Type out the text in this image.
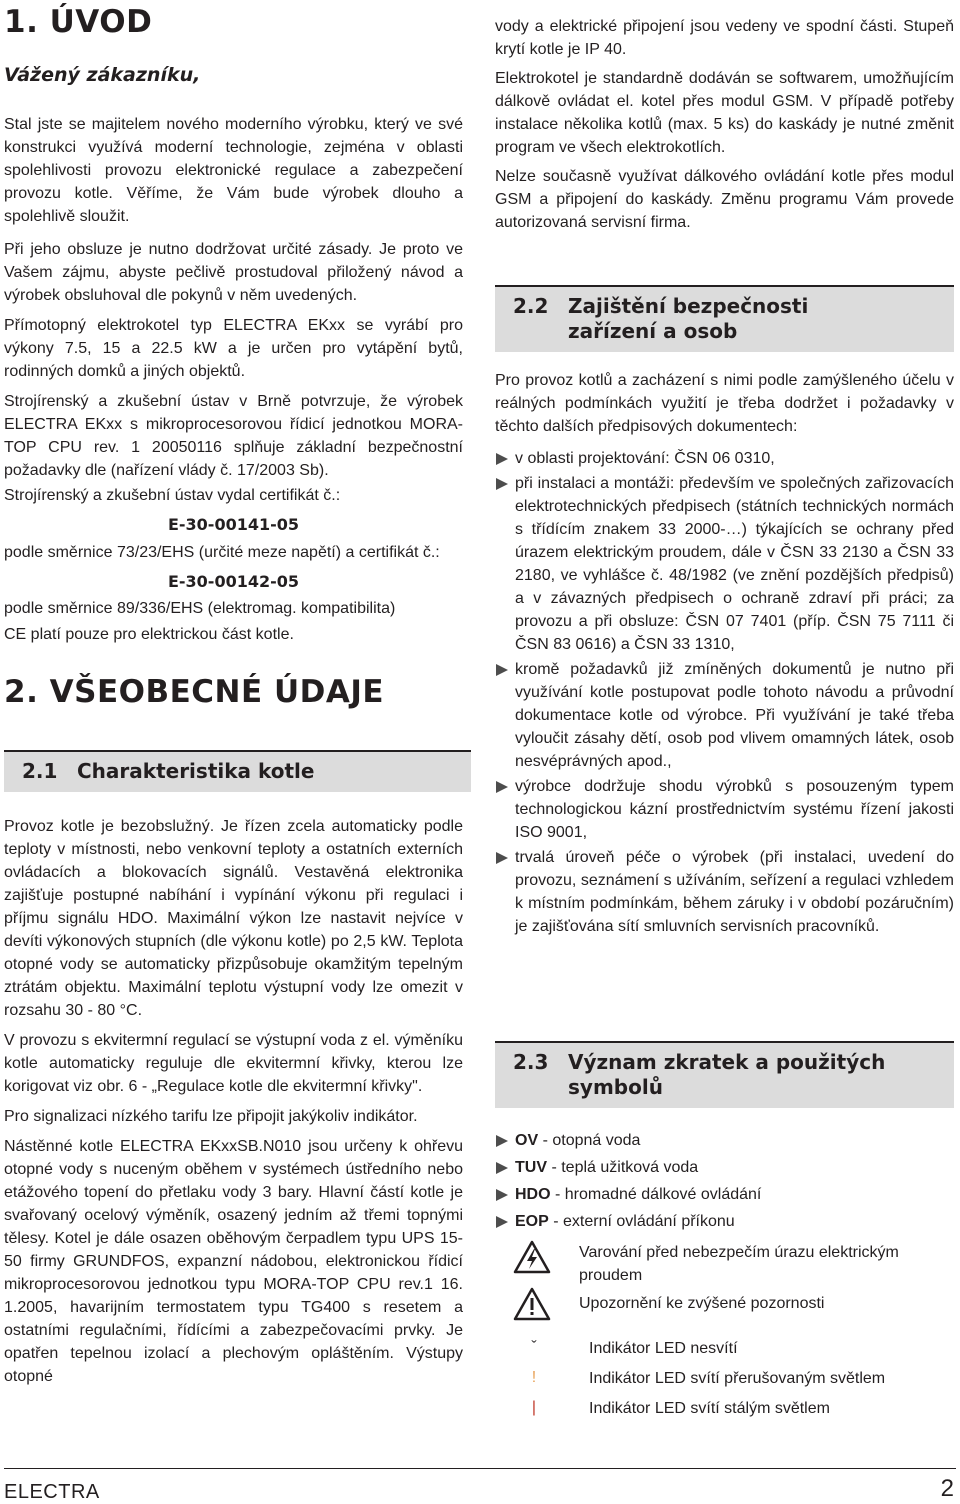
1. ÚVOD
Vážený zákazníku,

Stal jste se majitelem nového moderního výrobku, který ve své konstrukci využívá moderní technologie, zejména v oblasti spolehlivosti provozu elektronické regulace a zabezpečení provozu kotle. Věříme, že Vám bude výrobek dlouho a spolehlivě sloužit.

Při jeho obsluze je nutno dodržovat určité zásady. Je proto ve Vašem zájmu, abyste pečlivě prostudoval přiložený návod a výrobek obsluhoval dle pokynů v něm uvedených.

Přímotopný elektrokotel typ ELECTRA EKxx se vyrábí pro výkony 7.5, 15 a 22.5 kW a je určen pro vytápění bytů, rodinných domků a jiných objektů.

Strojírenský a zkušební ústav v Brně potvrzuje, že výrobek ELECTRA EKxx s mikroprocesorovou řídicí jednotkou MORA-TOP CPU rev. 1 20050116 splňuje základní bezpečnostní požadavky dle (nařízení vlády č. 17/2003 Sb).

Strojírenský a zkušební ústav vydal certifikát č.:

E-30-00141-05

podle směrnice 73/23/EHS (určité meze napětí) a certifikát č.:

E-30-00142-05

podle směrnice 89/336/EHS (elektromag. kompatibilita)

CE platí pouze pro elektrickou část kotle.

2. VŠEOBECNÉ ÚDAJE
2.1 Charakteristika kotle

Provoz kotle je bezobslužný. Je řízen zcela automaticky podle teploty v místnosti, nebo venkovní teploty a ostatních externích ovládacích a blokovacích signálů. Vestavěná elektronika zajišťuje postupné nabíhání i vypínání výkonu při regulaci i příjmu signálu HDO. Maximální výkon lze nastavit nejvíce v devíti výkonových stupních (dle výkonu kotle) po 2,5 kW. Teplota otopné vody se automaticky přizpůsobuje okamžitým tepelným ztrátám objektu. Maximální teplotu výstupní vody lze omezit v rozsahu 30 - 80 °C.

V provozu s ekvitermní regulací se výstupní voda z el. výměníku kotle automaticky reguluje dle ekvitermní křivky, kterou lze korigovat viz obr. 6 - „Regulace kotle dle ekvitermní křivky".

Pro signalizaci nízkého tarifu lze připojit jakýkoliv indikátor.

Nástěnné kotle ELECTRA EKxxSB.N010 jsou určeny k ohřevu otopné vody s nuceným oběhem v systémech ústředního nebo etážového topení do přetlaku vody 3 bary. Hlavní částí kotle je svařovaný ocelový výměník, osazený jedním až třemi topnými tělesy. Kotel je dále osazen oběhovým čerpadlem typu UPS 15-50 firmy GRUNDFOS, expanzní nádobou, elektronickou řídicí mikroprocesorovou jednotkou typu MORA-TOP CPU rev.1 16. 1.2005, havarijním termostatem typu TG400 s resetem a ostatními regulačními, řídícími a zabezpečovacími prvky. Je opatřen tepelnou izolací a plechovým opláštěním. Výstupy otopné

vody a elektrické připojení jsou vedeny ve spodní části. Stupeň krytí kotle je IP 40.

Elektrokotel je standardně dodáván se softwarem, umožňujícím dálkově ovládat el. kotel přes modul GSM. V případě potřeby instalace několika kotlů (max. 5 ks) do kaskády je nutné změnit program ve všech elektrokotlích.

Nelze současně využívat dálkového ovládání kotle přes modul GSM a připojení do kaskády. Změnu programu Vám provede autorizovaná servisní firma.

2.2 Zajištění bezpečnosti
zařízení a osob

Pro provoz kotlů a zacházení s nimi podle zamýšleného účelu v reálných podmínkách využití je třeba dodržet i požadavky v těchto dalších předpisových dokumentech:

v oblasti projektování: ČSN 06 0310,
při instalaci a montáži: především ve společných zařizovacích elektrotechnických předpisech (státních technických normách s třídícím znakem 33 2000-…) týkajících se ochrany před úrazem elektrickým proudem, dále v ČSN 33 2130 a ČSN 33 2180, ve vyhlášce č. 48/1982 (ve znění pozdějších předpisů) a v závazných předpisech o ochraně zdraví při práci; za provozu a při obsluze: ČSN 07 7401 (příp. ČSN 75 7111 či ČSN 83 0616) a ČSN 33 1310,
kromě požadavků již zmíněných dokumentů je nutno při využívání kotle postupovat podle tohoto návodu a průvodní dokumentace kotle od výrobce. Při využívání je také třeba vyloučit zásahy dětí, osob pod vlivem omamných látek, osob nesvéprávných apod.,
výrobce dodržuje shodu výrobků s posouzeným typem technologickou kázní prostřednictvím systému řízení jakosti ISO 9001,
trvalá úroveň péče o výrobek (při instalaci, uvedení do provozu, seznámení s užíváním, seřízení a regulaci vzhledem k místním podmínkám, během záruky i v období pozáručním) je zajišťována sítí smluvních servisních pracovníků.
2.3 Význam zkratek a použitých
symbolů
OV - otopná voda
TUV - teplá užitková voda
HDO - hromadné dálkové ovládání
EOP - externí ovládání příkonu
Varování před nebezpečím úrazu elektrickým proudem
Upozornění ke zvýšené pozornosti
ˇ	Indikátor LED nesvítí
!	Indikátor LED svítí přerušovaným světlem
|	Indikátor LED svítí stálým světlem
ELECTRA	2
